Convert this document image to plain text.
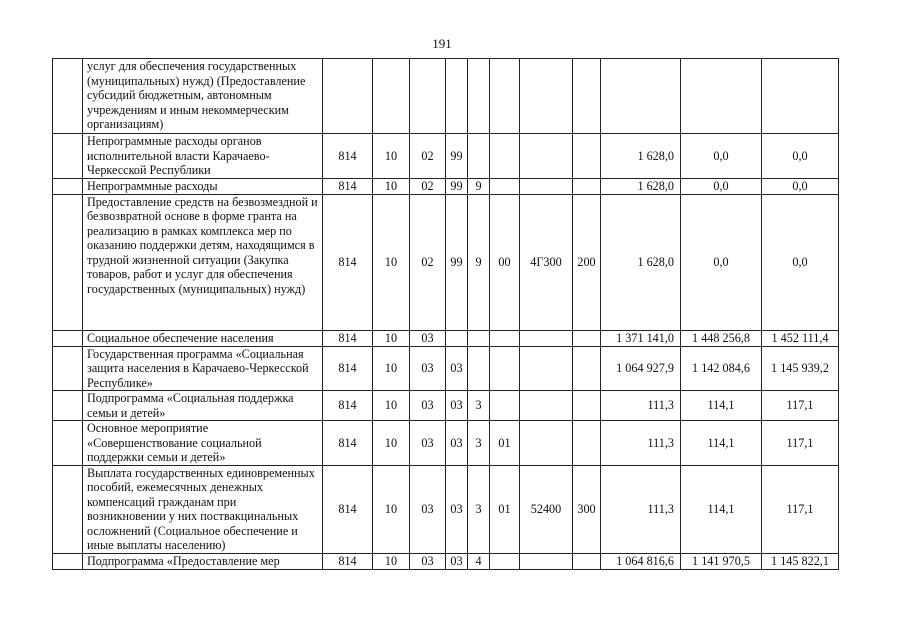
191
	услуг для обеспечения государственных (муниципальных) нужд) (Предоставление субсидий бюджетным, автономным учреждениям и иным некоммерческим организациям)											
	Непрограммные расходы органов исполнительной власти Карачаево-Черкесской Республики	814	10	02	99					1 628,0	0,0	0,0
	Непрограммные расходы	814	10	02	99	9				1 628,0	0,0	0,0
	Предоставление средств на безвозмездной и безвозвратной основе в форме гранта на реализацию в рамках комплекса мер по оказанию поддержки детям, находящимся в трудной жизненной ситуации (Закупка товаров, работ и услуг для обеспечения государственных (муниципальных) нужд)	814	10	02	99	9	00	4Г300	200	1 628,0	0,0	0,0
	Социальное обеспечение населения	814	10	03						1 371 141,0	1 448 256,8	1 452 111,4
	Государственная программа «Социальная защита населения в Карачаево-Черкесской Республике»	814	10	03	03					1 064 927,9	1 142 084,6	1 145 939,2
	Подпрограмма «Социальная поддержка семьи и детей»	814	10	03	03	3				111,3	114,1	117,1
	Основное мероприятие «Совершенствование социальной поддержки семьи и детей»	814	10	03	03	3	01			111,3	114,1	117,1
	Выплата государственных единовременных пособий, ежемесячных денежных компенсаций гражданам при возникновении у них поствакцинальных осложнений (Социальное обеспечение и иные выплаты населению)	814	10	03	03	3	01	52400	300	111,3	114,1	117,1
	Подпрограмма «Предоставление мер	814	10	03	03	4				1 064 816,6	1 141 970,5	1 145 822,1
